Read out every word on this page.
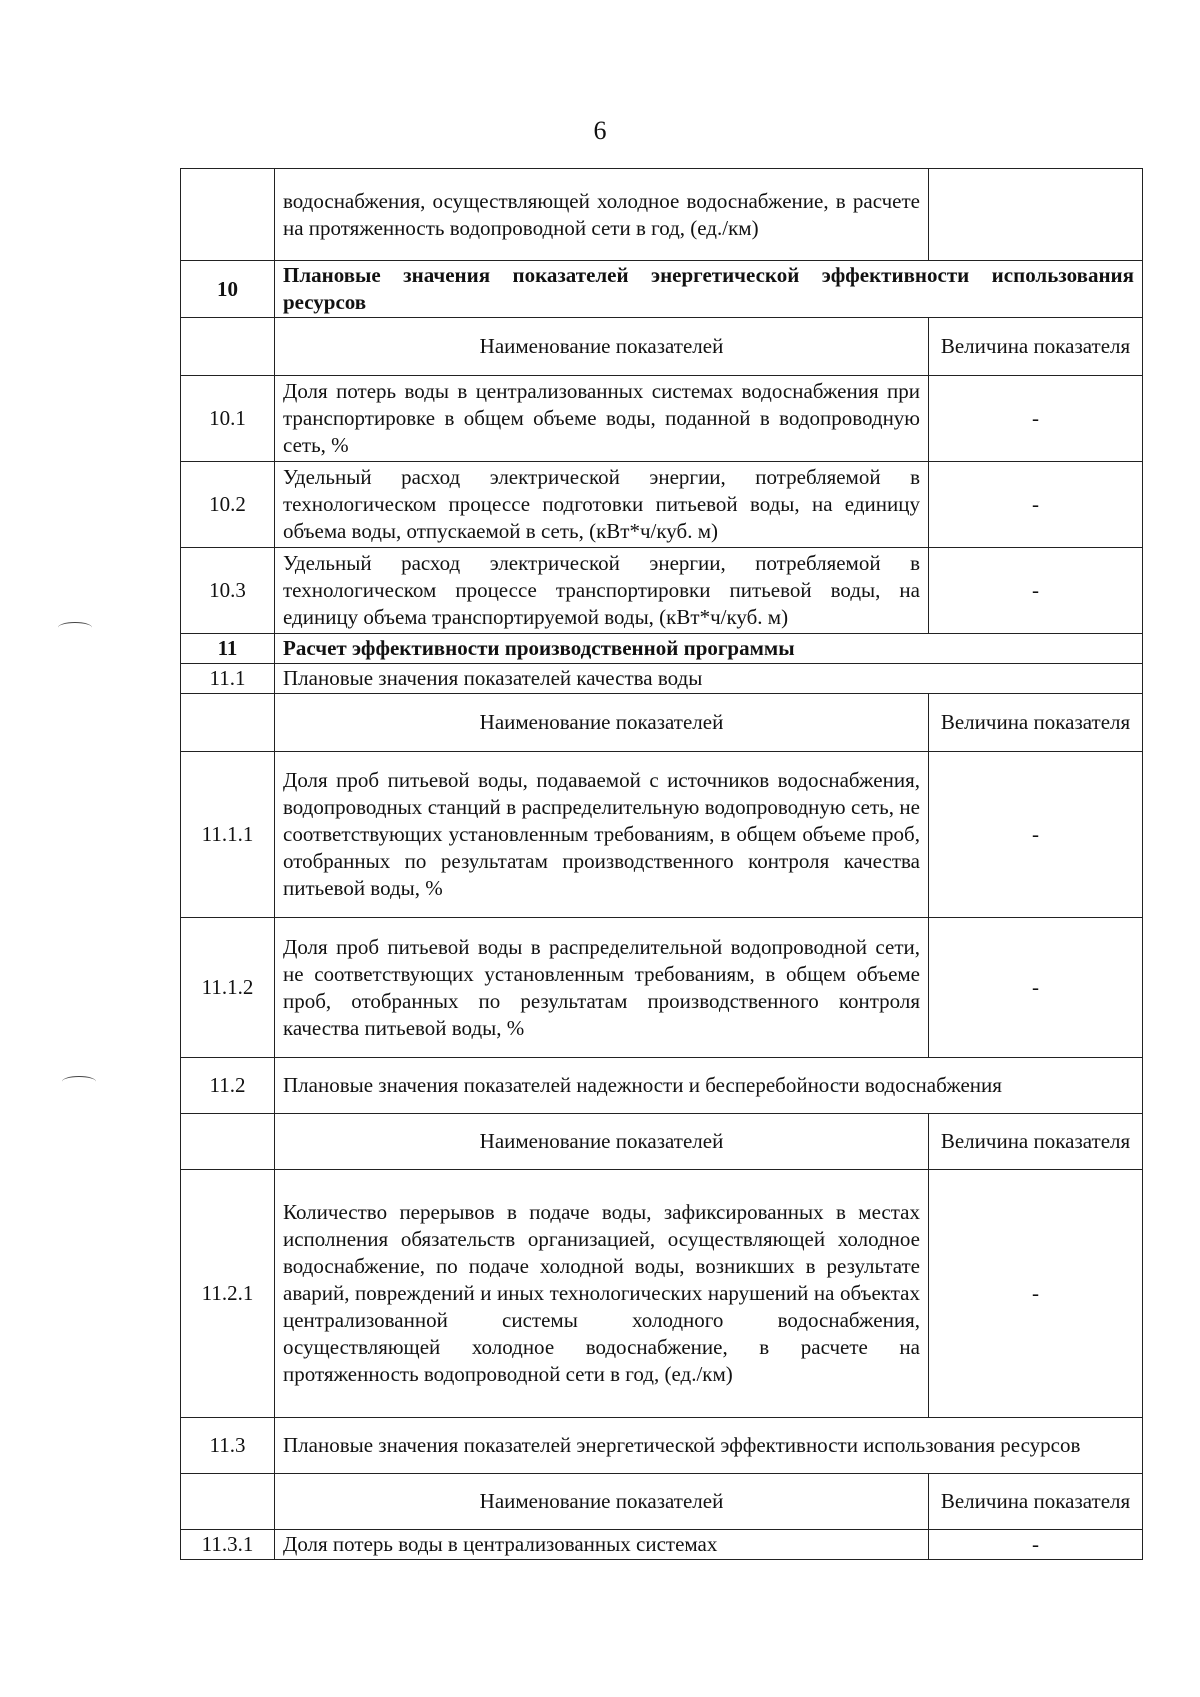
6
	водоснабжения, осуществляющей холодное водоснабжение, в расчете на протяженность водопроводной сети в год, (ед./км)	
10	Плановые значения показателей энергетической эффективности использования ресурсов	
	Наименование показателей	Величина показателя
10.1	Доля потерь воды в централизованных системах водоснабжения при транспортировке в общем объеме воды, поданной в водопроводную сеть, %	-
10.2	Удельный расход электрической энергии, потребляемой в технологическом процессе подготовки питьевой воды, на единицу объема воды, отпускаемой в сеть, (кВт*ч/куб. м)	-
10.3	Удельный расход электрической энергии, потребляемой в технологическом процессе транспортировки питьевой воды, на единицу объема транспортируемой воды, (кВт*ч/куб. м)	-
11	Расчет эффективности производственной программы	
11.1	Плановые значения показателей качества воды	
	Наименование показателей	Величина показателя
11.1.1	Доля проб питьевой воды, подаваемой с источников водоснабжения, водопроводных станций в распределительную водопроводную сеть, не соответствующих установленным требованиям, в общем объеме проб, отобранных по результатам производственного контроля качества питьевой воды, %	-
11.1.2	Доля проб питьевой воды в распределительной водопроводной сети, не соответствующих установленным требованиям, в общем объеме проб, отобранных по результатам производственного контроля качества питьевой воды, %	-
11.2	Плановые значения показателей надежности и бесперебойности водоснабжения	
	Наименование показателей	Величина показателя
11.2.1	Количество перерывов в подаче воды, зафиксированных в местах исполнения обязательств организацией, осуществляющей холодное водоснабжение, по подаче холодной воды, возникших в результате аварий, повреждений и иных технологических нарушений на объектах централизованной системы холодного водоснабжения, осуществляющей холодное водоснабжение, в расчете на протяженность водопроводной сети в год, (ед./км)	-
11.3	Плановые значения показателей энергетической эффективности использования ресурсов	
	Наименование показателей	Величина показателя
11.3.1	Доля потерь воды в централизованных системах	-
